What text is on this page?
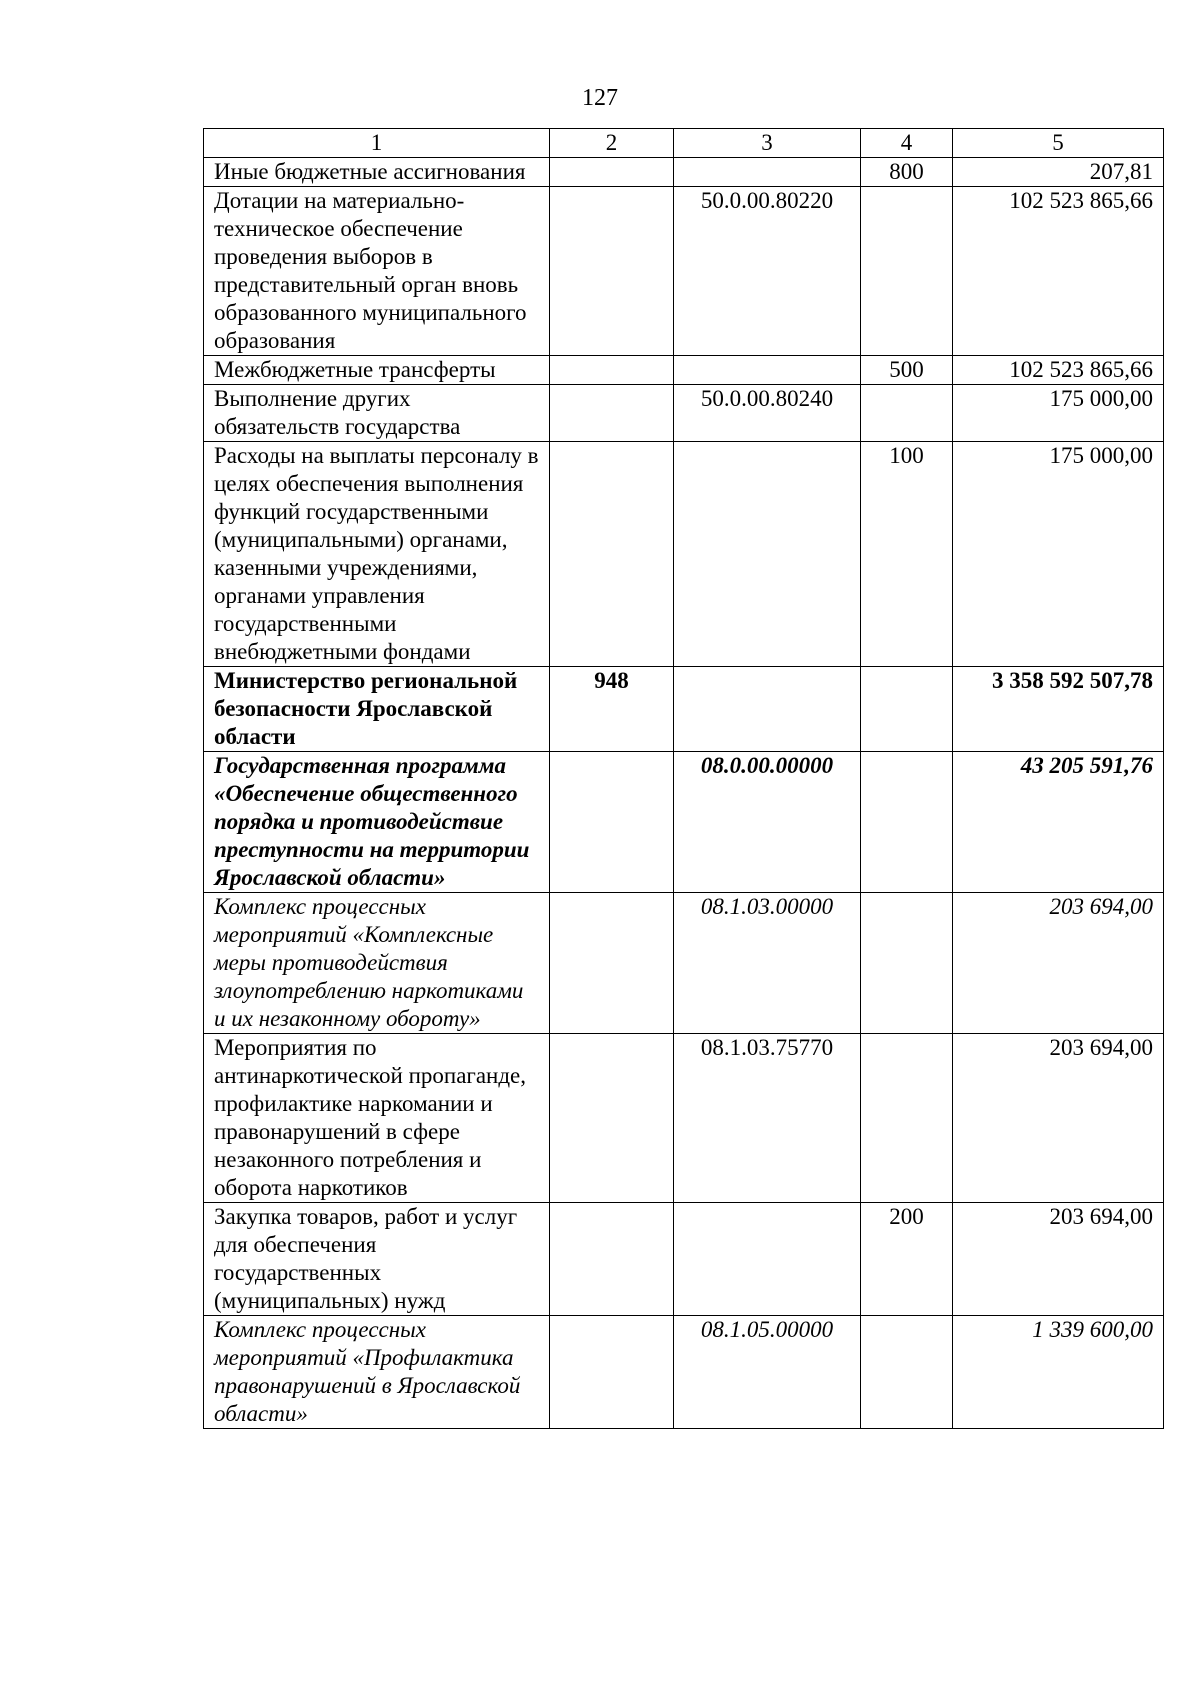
127
1	2	3	4	5
Иные бюджетные ассигнования			800	207,81
Дотации на материально-техническое обеспечение проведения выборов в представительный орган вновь образованного муниципального образования		50.0.00.80220		102 523 865,66
Межбюджетные трансферты			500	102 523 865,66
Выполнение других обязательств государства		50.0.00.80240		175 000,00
Расходы на выплаты персоналу в целях обеспечения выполнения функций государственными (муниципальными) органами, казенными учреждениями, органами управления государственными внебюджетными фондами			100	175 000,00
Министерство региональной безопасности Ярославской области	948			3 358 592 507,78
Государственная программа «Обеспечение общественного порядка и противодействие преступности на территории Ярославской области»		08.0.00.00000		43 205 591,76
Комплекс процессных мероприятий «Комплексные меры противодействия злоупотреблению наркотиками и их незаконному обороту»		08.1.03.00000		203 694,00
Мероприятия по антинаркотической пропаганде, профилактике наркомании и правонарушений в сфере незаконного потребления и оборота наркотиков		08.1.03.75770		203 694,00
Закупка товаров, работ и услуг для обеспечения государственных (муниципальных) нужд			200	203 694,00
Комплекс процессных мероприятий «Профилактика правонарушений в Ярославской области»		08.1.05.00000		1 339 600,00
